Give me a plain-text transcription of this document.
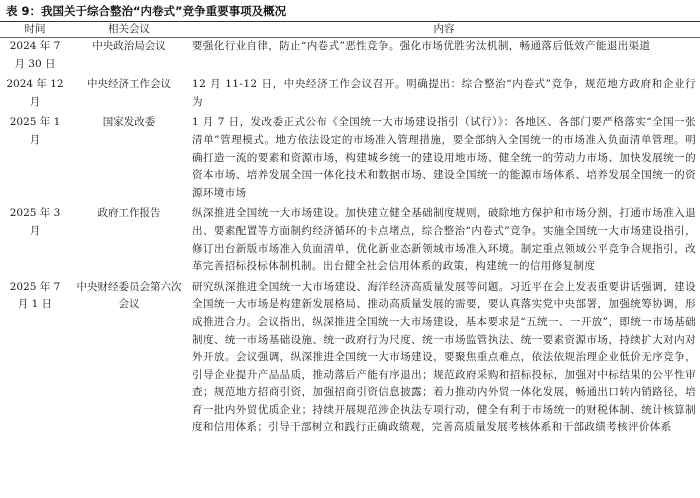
表 9：我国关于综合整治“内卷式”竞争重要事项及概况
时间	相关会议	内容
2024 年 7 月 30 日	中央政治局会议	要强化行业自律，防止“内卷式”恶性竞争。强化市场优胜劣汰机制，畅通落后低效产能退出渠道
2024 年 12 月	中央经济工作会议	12 月 11-12 日，中央经济工作会议召开。明确提出：综合整治“内卷式”竞争，规范地方政府和企业行为
2025 年 1 月	国家发改委	1 月 7 日，发改委正式公布《全国统一大市场建设指引（试行）》：各地区、各部门要严格落实“全国一张清单”管理模式。地方依法设定的市场准入管理措施，要全部纳入全国统一的市场准入负面清单管理。明确打造一流的要素和资源市场，构建城乡统一的建设用地市场、健全统一的劳动力市场、加快发展统一的资本市场、培养发展全国一体化技术和数据市场、建设全国统一的能源市场体系、培养发展全国统一的资源环境市场
2025 年 3 月	政府工作报告	纵深推进全国统一大市场建设。加快建立健全基础制度规则，破除地方保护和市场分割，打通市场准入退出、要素配置等方面制约经济循环的卡点堵点，综合整治“内卷式”竞争。实施全国统一大市场建设指引，修订出台新版市场准入负面清单，优化新业态新领域市场准入环境。制定重点领域公平竞争合规指引，改革完善招标投标体制机制。出台健全社会信用体系的政策，构建统一的信用修复制度
2025 年 7 月 1 日	中央财经委员会第六次会议	研究纵深推进全国统一大市场建设、海洋经济高质量发展等问题。习近平在会上发表重要讲话强调，建设全国统一大市场是构建新发展格局、推动高质量发展的需要，要认真落实党中央部署，加强统筹协调，形成推进合力。会议指出，纵深推进全国统一大市场建设，基本要求是“五统一、一开放”，即统一市场基础制度、统一市场基础设施、统一政府行为尺度、统一市场监管执法、统一要素资源市场，持续扩大对内对外开放。会议强调，纵深推进全国统一大市场建设，要聚焦重点难点，依法依规治理企业低价无序竞争，引导企业提升产品品质，推动落后产能有序退出；规范政府采购和招标投标，加强对中标结果的公平性审查；规范地方招商引资，加强招商引资信息披露；着力推动内外贸一体化发展，畅通出口转内销路径，培育一批内外贸优质企业；持续开展规范涉企执法专项行动，健全有利于市场统一的财税体制、统计核算制度和信用体系；引导干部树立和践行正确政绩观，完善高质量发展考核体系和干部政绩考核评价体系
